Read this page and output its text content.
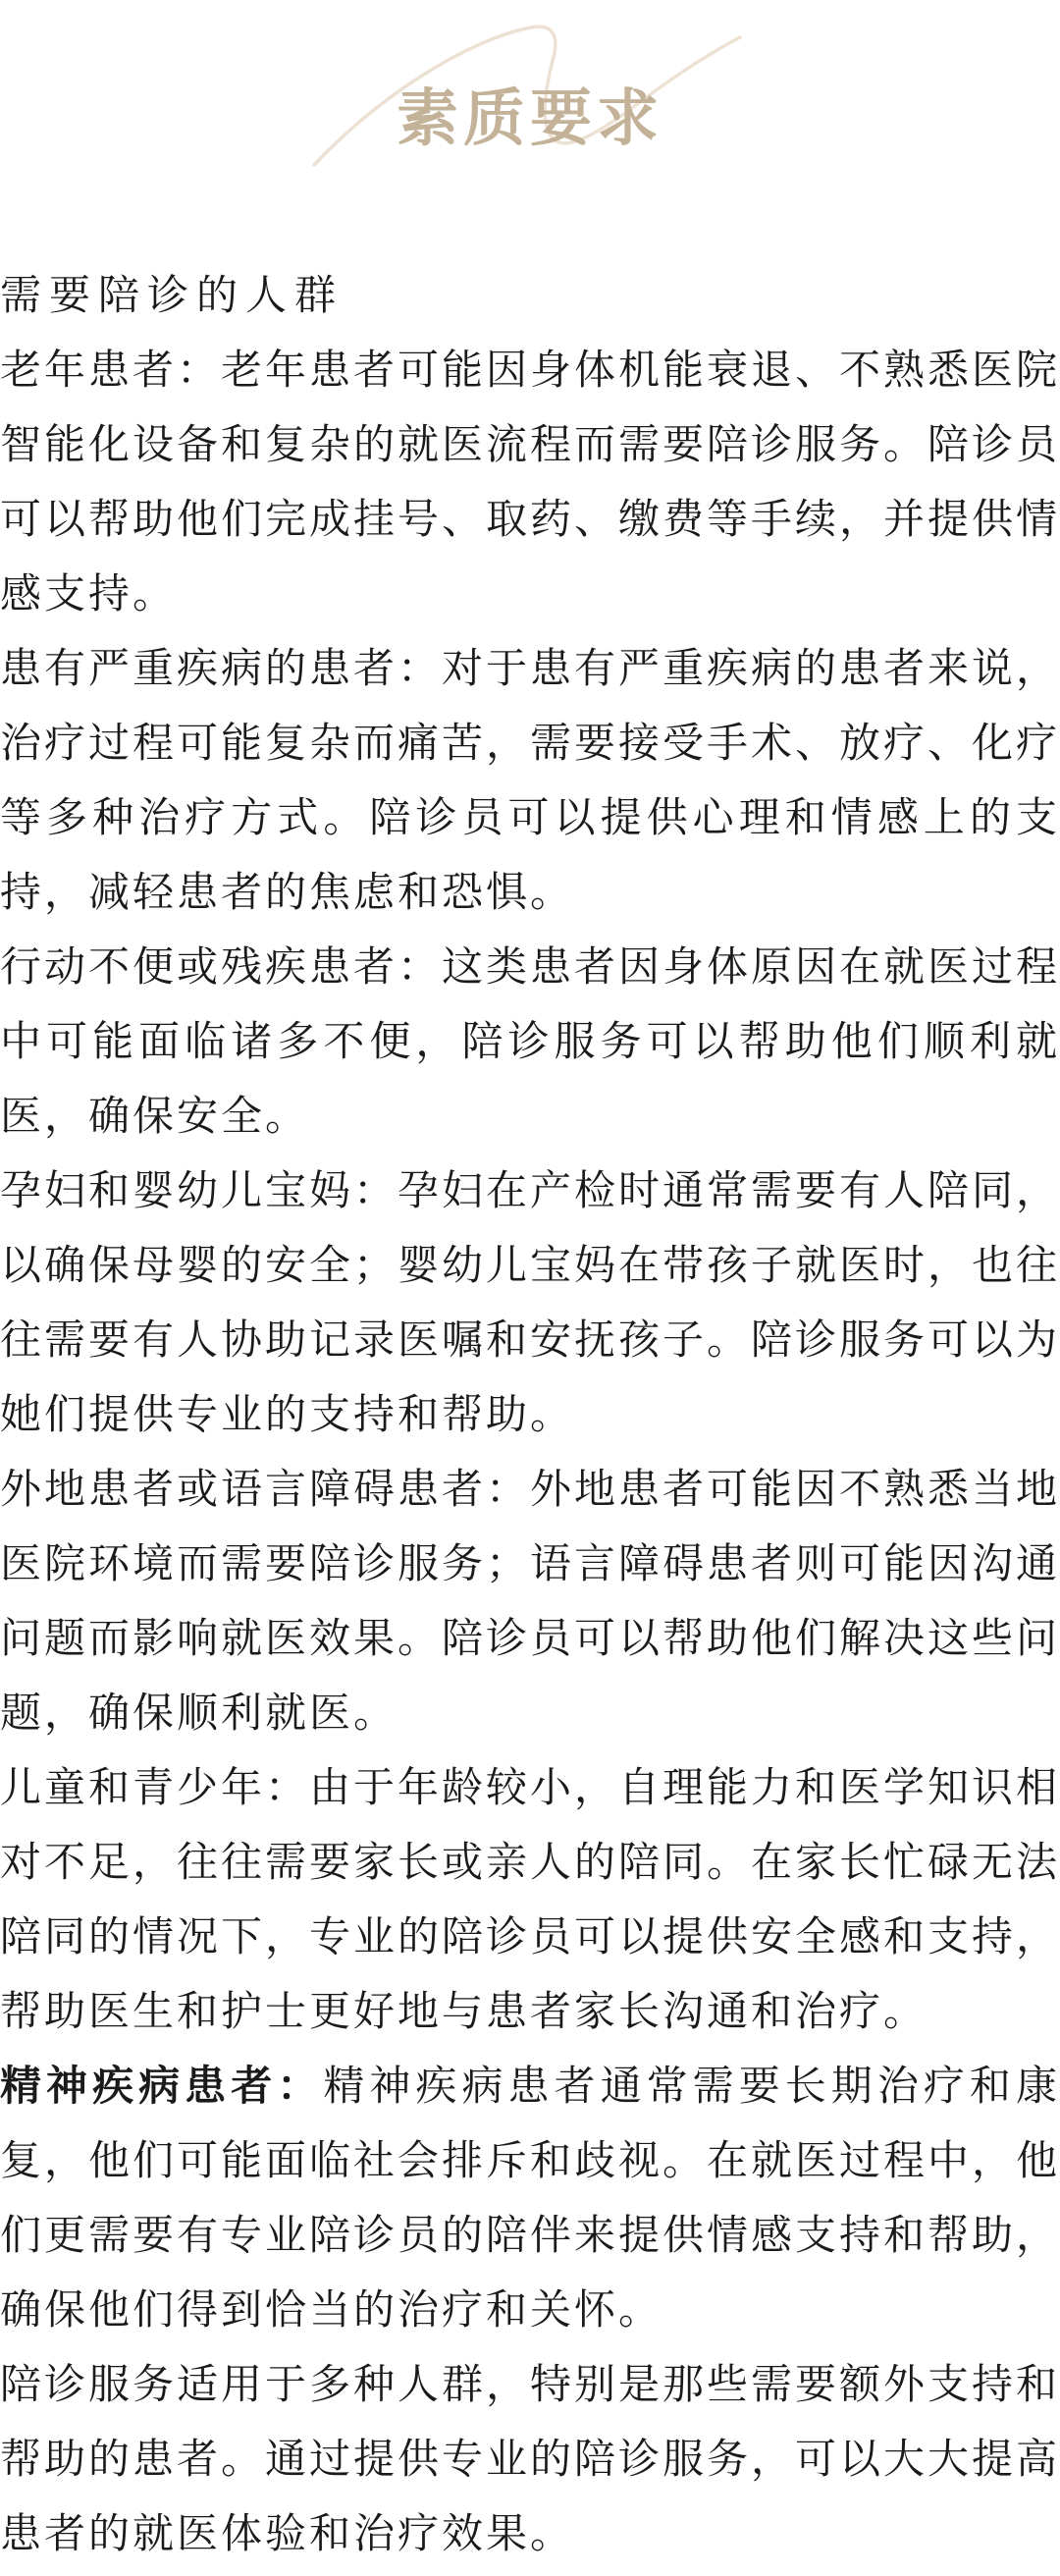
素质要求

需要陪诊的人群

老年患者：老年患者可能因身体机能衰退、不熟悉医院智能化设备和复杂的就医流程而需要陪诊服务。陪诊员可以帮助他们完成挂号、取药、缴费等手续，并提供情感支持。

患有严重疾病的患者：对于患有严重疾病的患者来说，治疗过程可能复杂而痛苦，需要接受手术、放疗、化疗等多种治疗方式。陪诊员可以提供心理和情感上的支持，减轻患者的焦虑和恐惧。

行动不便或残疾患者：这类患者因身体原因在就医过程中可能面临诸多不便，陪诊服务可以帮助他们顺利就医，确保安全。

孕妇和婴幼儿宝妈：孕妇在产检时通常需要有人陪同，以确保母婴的安全；婴幼儿宝妈在带孩子就医时，也往往需要有人协助记录医嘱和安抚孩子。陪诊服务可以为她们提供专业的支持和帮助。

外地患者或语言障碍患者：外地患者可能因不熟悉当地医院环境而需要陪诊服务；语言障碍患者则可能因沟通问题而影响就医效果。陪诊员可以帮助他们解决这些问题，确保顺利就医。

儿童和青少年：由于年龄较小，自理能力和医学知识相对不足，往往需要家长或亲人的陪同。在家长忙碌无法陪同的情况下，专业的陪诊员可以提供安全感和支持，帮助医生和护士更好地与患者家长沟通和治疗。

精神疾病患者：精神疾病患者通常需要长期治疗和康复，他们可能面临社会排斥和歧视。在就医过程中，他们更需要有专业陪诊员的陪伴来提供情感支持和帮助，确保他们得到恰当的治疗和关怀。

陪诊服务适用于多种人群，特别是那些需要额外支持和帮助的患者。通过提供专业的陪诊服务，可以大大提高患者的就医体验和治疗效果。
